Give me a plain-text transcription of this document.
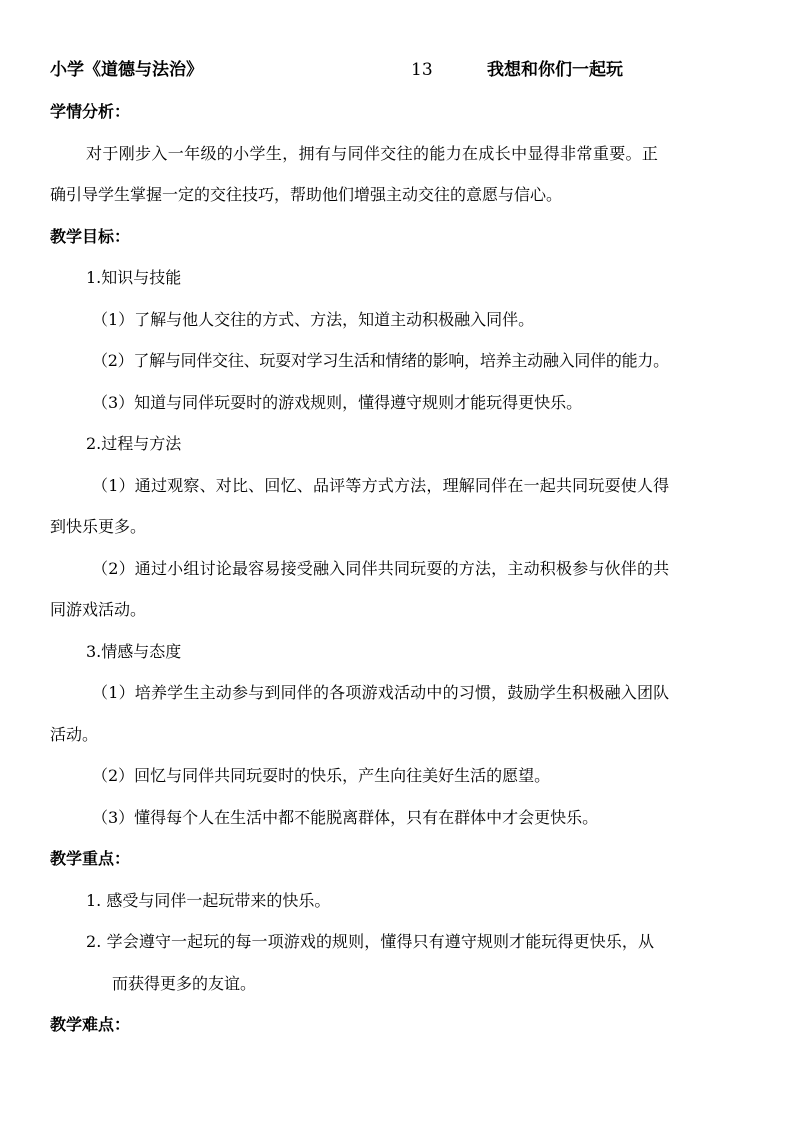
小学《道德与法治》	13	我想和你们一起玩
学情分析：
对于刚步入一年级的小学生，拥有与同伴交往的能力在成长中显得非常重要。正
确引导学生掌握一定的交往技巧，帮助他们增强主动交往的意愿与信心。
教学目标：
1.知识与技能
（1）了解与他人交往的方式、方法，知道主动积极融入同伴。
（2）了解与同伴交往、玩耍对学习生活和情绪的影响，培养主动融入同伴的能力。
（3）知道与同伴玩耍时的游戏规则，懂得遵守规则才能玩得更快乐。
2.过程与方法
（1）通过观察、对比、回忆、品评等方式方法，理解同伴在一起共同玩耍使人得
到快乐更多。
（2）通过小组讨论最容易接受融入同伴共同玩耍的方法，主动积极参与伙伴的共
同游戏活动。
3.情感与态度
（1）培养学生主动参与到同伴的各项游戏活动中的习惯，鼓励学生积极融入团队
活动。
（2）回忆与同伴共同玩耍时的快乐，产生向往美好生活的愿望。
（3）懂得每个人在生活中都不能脱离群体，只有在群体中才会更快乐。
教学重点：
1. 感受与同伴一起玩带来的快乐。
2. 学会遵守一起玩的每一项游戏的规则，懂得只有遵守规则才能玩得更快乐，从
而获得更多的友谊。
教学难点：
